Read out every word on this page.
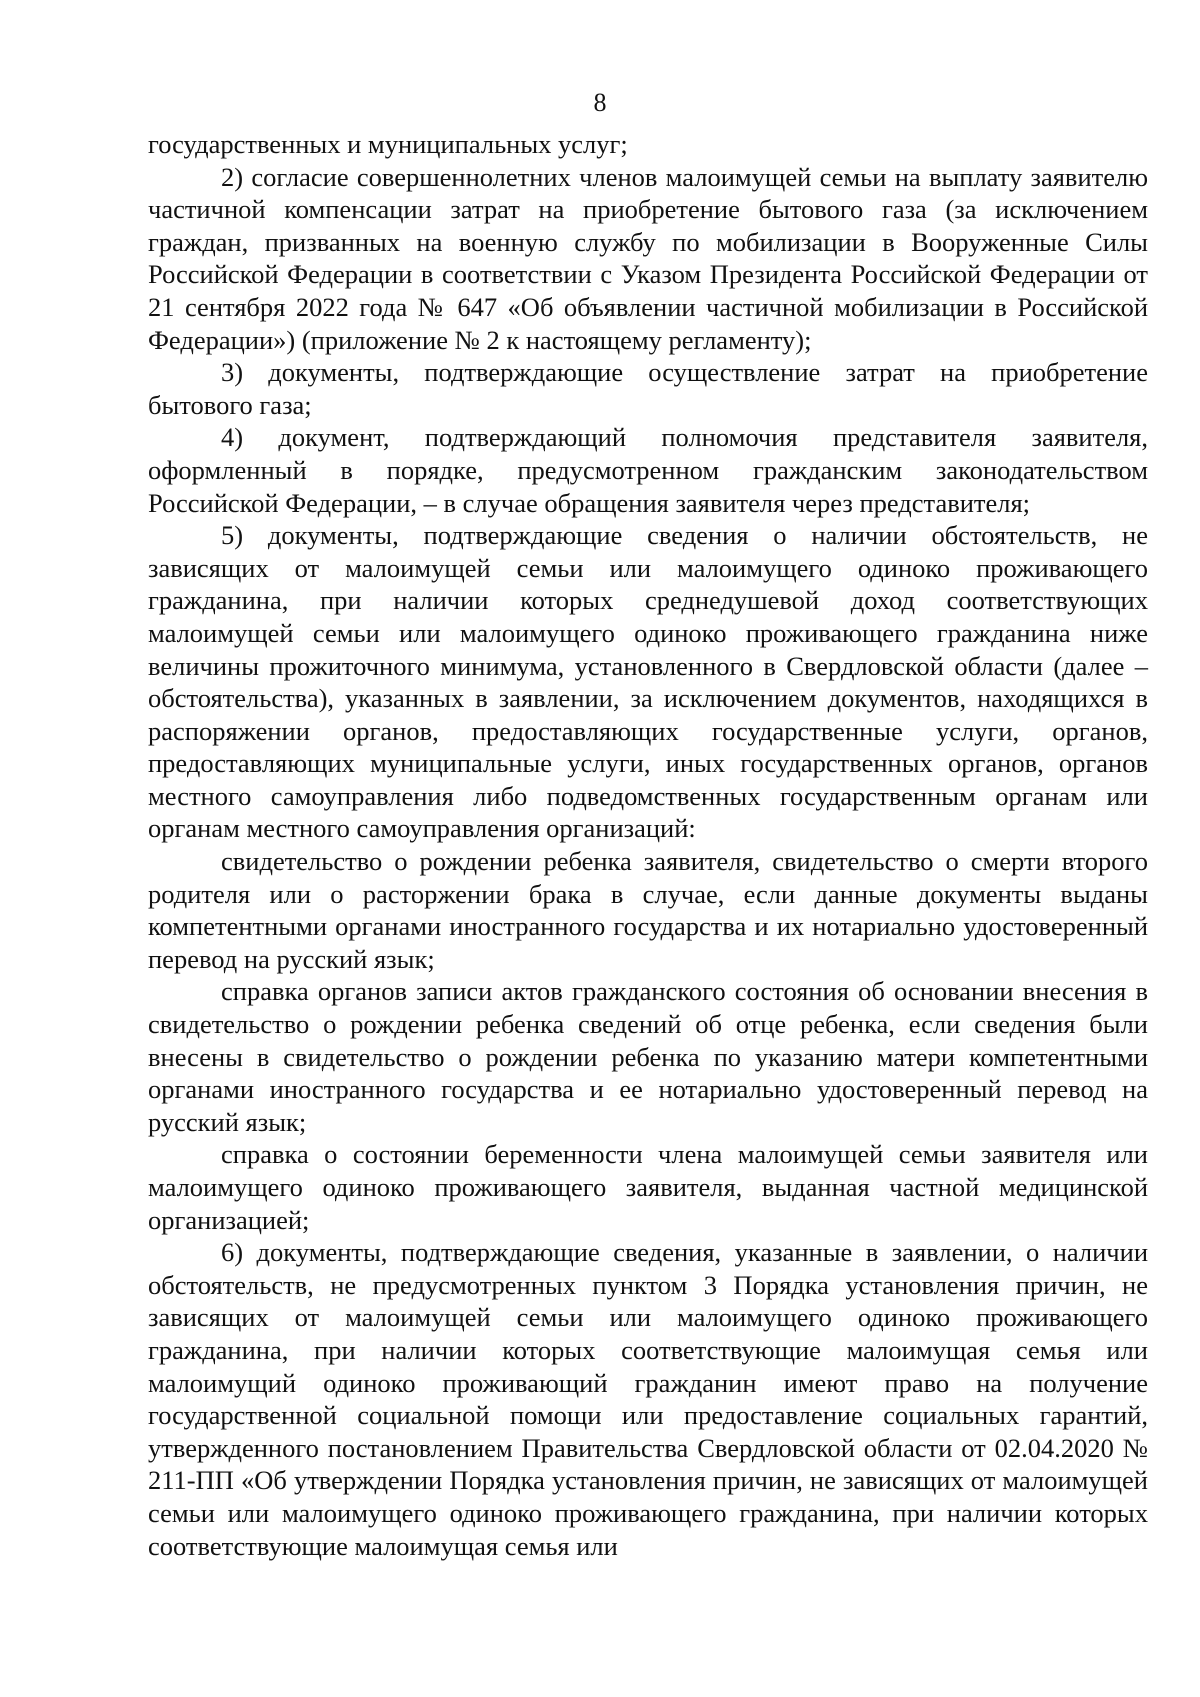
8

государственных и муниципальных услуг;

2) согласие совершеннолетних членов малоимущей семьи на выплату заявителю частичной компенсации затрат на приобретение бытового газа (за исключением граждан, призванных на военную службу по мобилизации в Вооруженные Силы Российской Федерации в соответствии с Указом Президента Российской Федерации от 21 сентября 2022 года № 647 «Об объявлении частичной мобилизации в Российской Федерации») (приложение № 2 к настоящему регламенту);

3) документы, подтверждающие осуществление затрат на приобретение бытового газа;

4) документ, подтверждающий полномочия представителя заявителя, оформленный в порядке, предусмотренном гражданским законодательством Российской Федерации, – в случае обращения заявителя через представителя;

5) документы, подтверждающие сведения о наличии обстоятельств, не зависящих от малоимущей семьи или малоимущего одиноко проживающего гражданина, при наличии которых среднедушевой доход соответствующих малоимущей семьи или малоимущего одиноко проживающего гражданина ниже величины прожиточного минимума, установленного в Свердловской области (далее – обстоятельства), указанных в заявлении, за исключением документов, находящихся в распоряжении органов, предоставляющих государственные услуги, органов, предоставляющих муниципальные услуги, иных государственных органов, органов местного самоуправления либо подведомственных государственным органам или органам местного самоуправления организаций:

свидетельство о рождении ребенка заявителя, свидетельство о смерти второго родителя или о расторжении брака в случае, если данные документы выданы компетентными органами иностранного государства и их нотариально удостоверенный перевод на русский язык;

справка органов записи актов гражданского состояния об основании внесения в свидетельство о рождении ребенка сведений об отце ребенка, если сведения были внесены в свидетельство о рождении ребенка по указанию матери компетентными органами иностранного государства и ее нотариально удостоверенный перевод на русский язык;

справка о состоянии беременности члена малоимущей семьи заявителя или малоимущего одиноко проживающего заявителя, выданная частной медицинской организацией;

6) документы, подтверждающие сведения, указанные в заявлении, о наличии обстоятельств, не предусмотренных пунктом 3 Порядка установления причин, не зависящих от малоимущей семьи или малоимущего одиноко проживающего гражданина, при наличии которых соответствующие малоимущая семья или малоимущий одиноко проживающий гражданин имеют право на получение государственной социальной помощи или предоставление социальных гарантий, утвержденного постановлением Правительства Свердловской области от 02.04.2020 № 211-ПП «Об утверждении Порядка установления причин, не зависящих от малоимущей семьи или малоимущего одиноко проживающего гражданина, при наличии которых соответствующие малоимущая семья или
